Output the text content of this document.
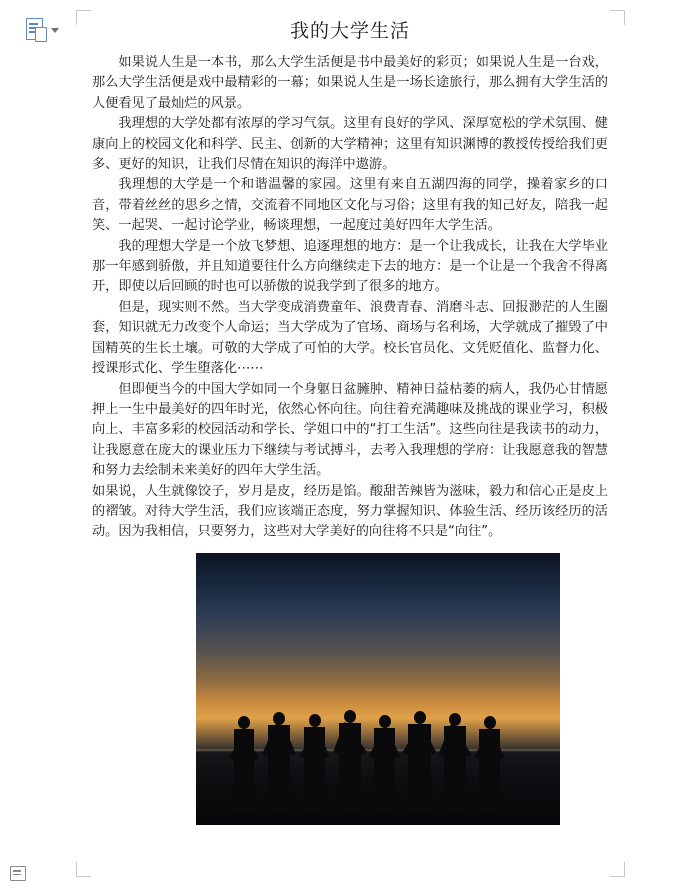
我的大学生活

如果说人生是一本书，那么大学生活便是书中最美好的彩页；如果说人生是一台戏，那么大学生活便是戏中最精彩的一幕；如果说人生是一场长途旅行，那么拥有大学生活的人便看见了最灿烂的风景。

我理想的大学处都有浓厚的学习气氛。这里有良好的学风、深厚宽松的学术氛围、健康向上的校园文化和科学、民主、创新的大学精神；这里有知识渊博的教授传授给我们更多、更好的知识，让我们尽情在知识的海洋中遨游。

我理想的大学是一个和谐温馨的家园。这里有来自五湖四海的同学，操着家乡的口音，带着丝丝的思乡之情，交流着不同地区文化与习俗；这里有我的知己好友，陪我一起笑、一起哭、一起讨论学业，畅谈理想，一起度过美好四年大学生活。

我的理想大学是一个放飞梦想、追逐理想的地方：是一个让我成长，让我在大学毕业那一年感到骄傲，并且知道要往什么方向继续走下去的地方：是一个让是一个我舍不得离开，即使以后回顾的时也可以骄傲的说我学到了很多的地方。

但是，现实则不然。当大学变成消费童年、浪费青春、消磨斗志、回报渺茫的人生圈套，知识就无力改变个人命运；当大学成为了官场、商场与名利场，大学就成了摧毁了中国精英的生长土壤。可敬的大学成了可怕的大学。校长官员化、文凭贬值化、监督力化、授课形式化、学生堕落化⋯⋯

但即便当今的中国大学如同一个身躯日盆臃肿、精神日益枯萎的病人，我仍心甘情愿押上一生中最美好的四年时光，依然心怀向往。向往着充满趣味及挑战的课业学习，积极向上、丰富多彩的校园活动和学长、学姐口中的“打工生活”。这些向往是我读书的动力，让我愿意在庞大的课业压力下继续与考试搏斗，去考入我理想的学府：让我愿意我的智慧和努力去绘制未来美好的四年大学生活。

如果说，人生就像饺子，岁月是皮，经历是馅。酸甜苦辣皆为滋味，毅力和信心正是皮上的褶皱。对待大学生活，我们应该端正态度，努力掌握知识、体验生活、经历该经历的活动。因为我相信，只要努力，这些对大学美好的向往将不只是“向往”。
